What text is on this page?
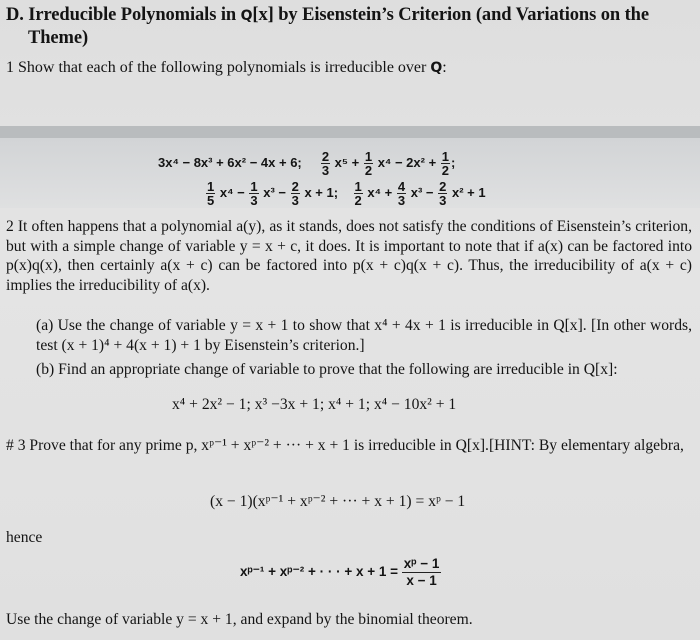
D. Irreducible Polynomials in Q[x] by Eisenstein’s Criterion (and Variations on the
Theme)
1 Show that each of the following polynomials is irreducible over Q:
3x⁴ − 8x³ + 6x² − 4x + 6; $\frac{2}{3} x^5 + \frac{1}{2} x^4 - 2x^2 + \frac{1}{2}$ ;
$\frac{1}{5} x^4 - \frac{1}{3} x^3 - \frac{2}{3}$ x + 1; $\frac{1}{2} x^4 + \frac{4}{3} x^3 - \frac{2}{3} x^2 + 1$
2 It often happens that a polynomial a(y), as it stands, does not satisfy the conditions of Eisenstein’s criterion, but with a simple change of variable y = x + c, it does. It is important to note that if a(x) can be factored into p(x)q(x), then certainly a(x + c) can be factored into p(x + c)q(x + c). Thus, the irreducibility of a(x + c) implies the irreducibility of a(x).
(a) Use the change of variable y = x + 1 to show that x⁴ + 4x + 1 is irreducible in Q[x]. [In other words, test (x + 1)⁴ + 4(x + 1) + 1 by Eisenstein’s criterion.]
(b) Find an appropriate change of variable to prove that the following are irreducible in Q[x]:
x⁴ + 2x² − 1; x³ −3x + 1; x⁴ + 1; x⁴ − 10x² + 1
# 3 Prove that for any prime p, xᵖ⁻¹ + xᵖ⁻² + ··· + x + 1 is irreducible in Q[x].[HINT: By elementary algebra,
(x − 1)(xᵖ⁻¹ + xᵖ⁻² + ··· + x + 1) = xᵖ − 1
hence
xᵖ⁻¹ + xᵖ⁻² + · · · + $x + 1 = \frac{\text{xᵖ − 1}}{x - 1}$
Use the change of variable y = x + 1, and expand by the binomial theorem.
